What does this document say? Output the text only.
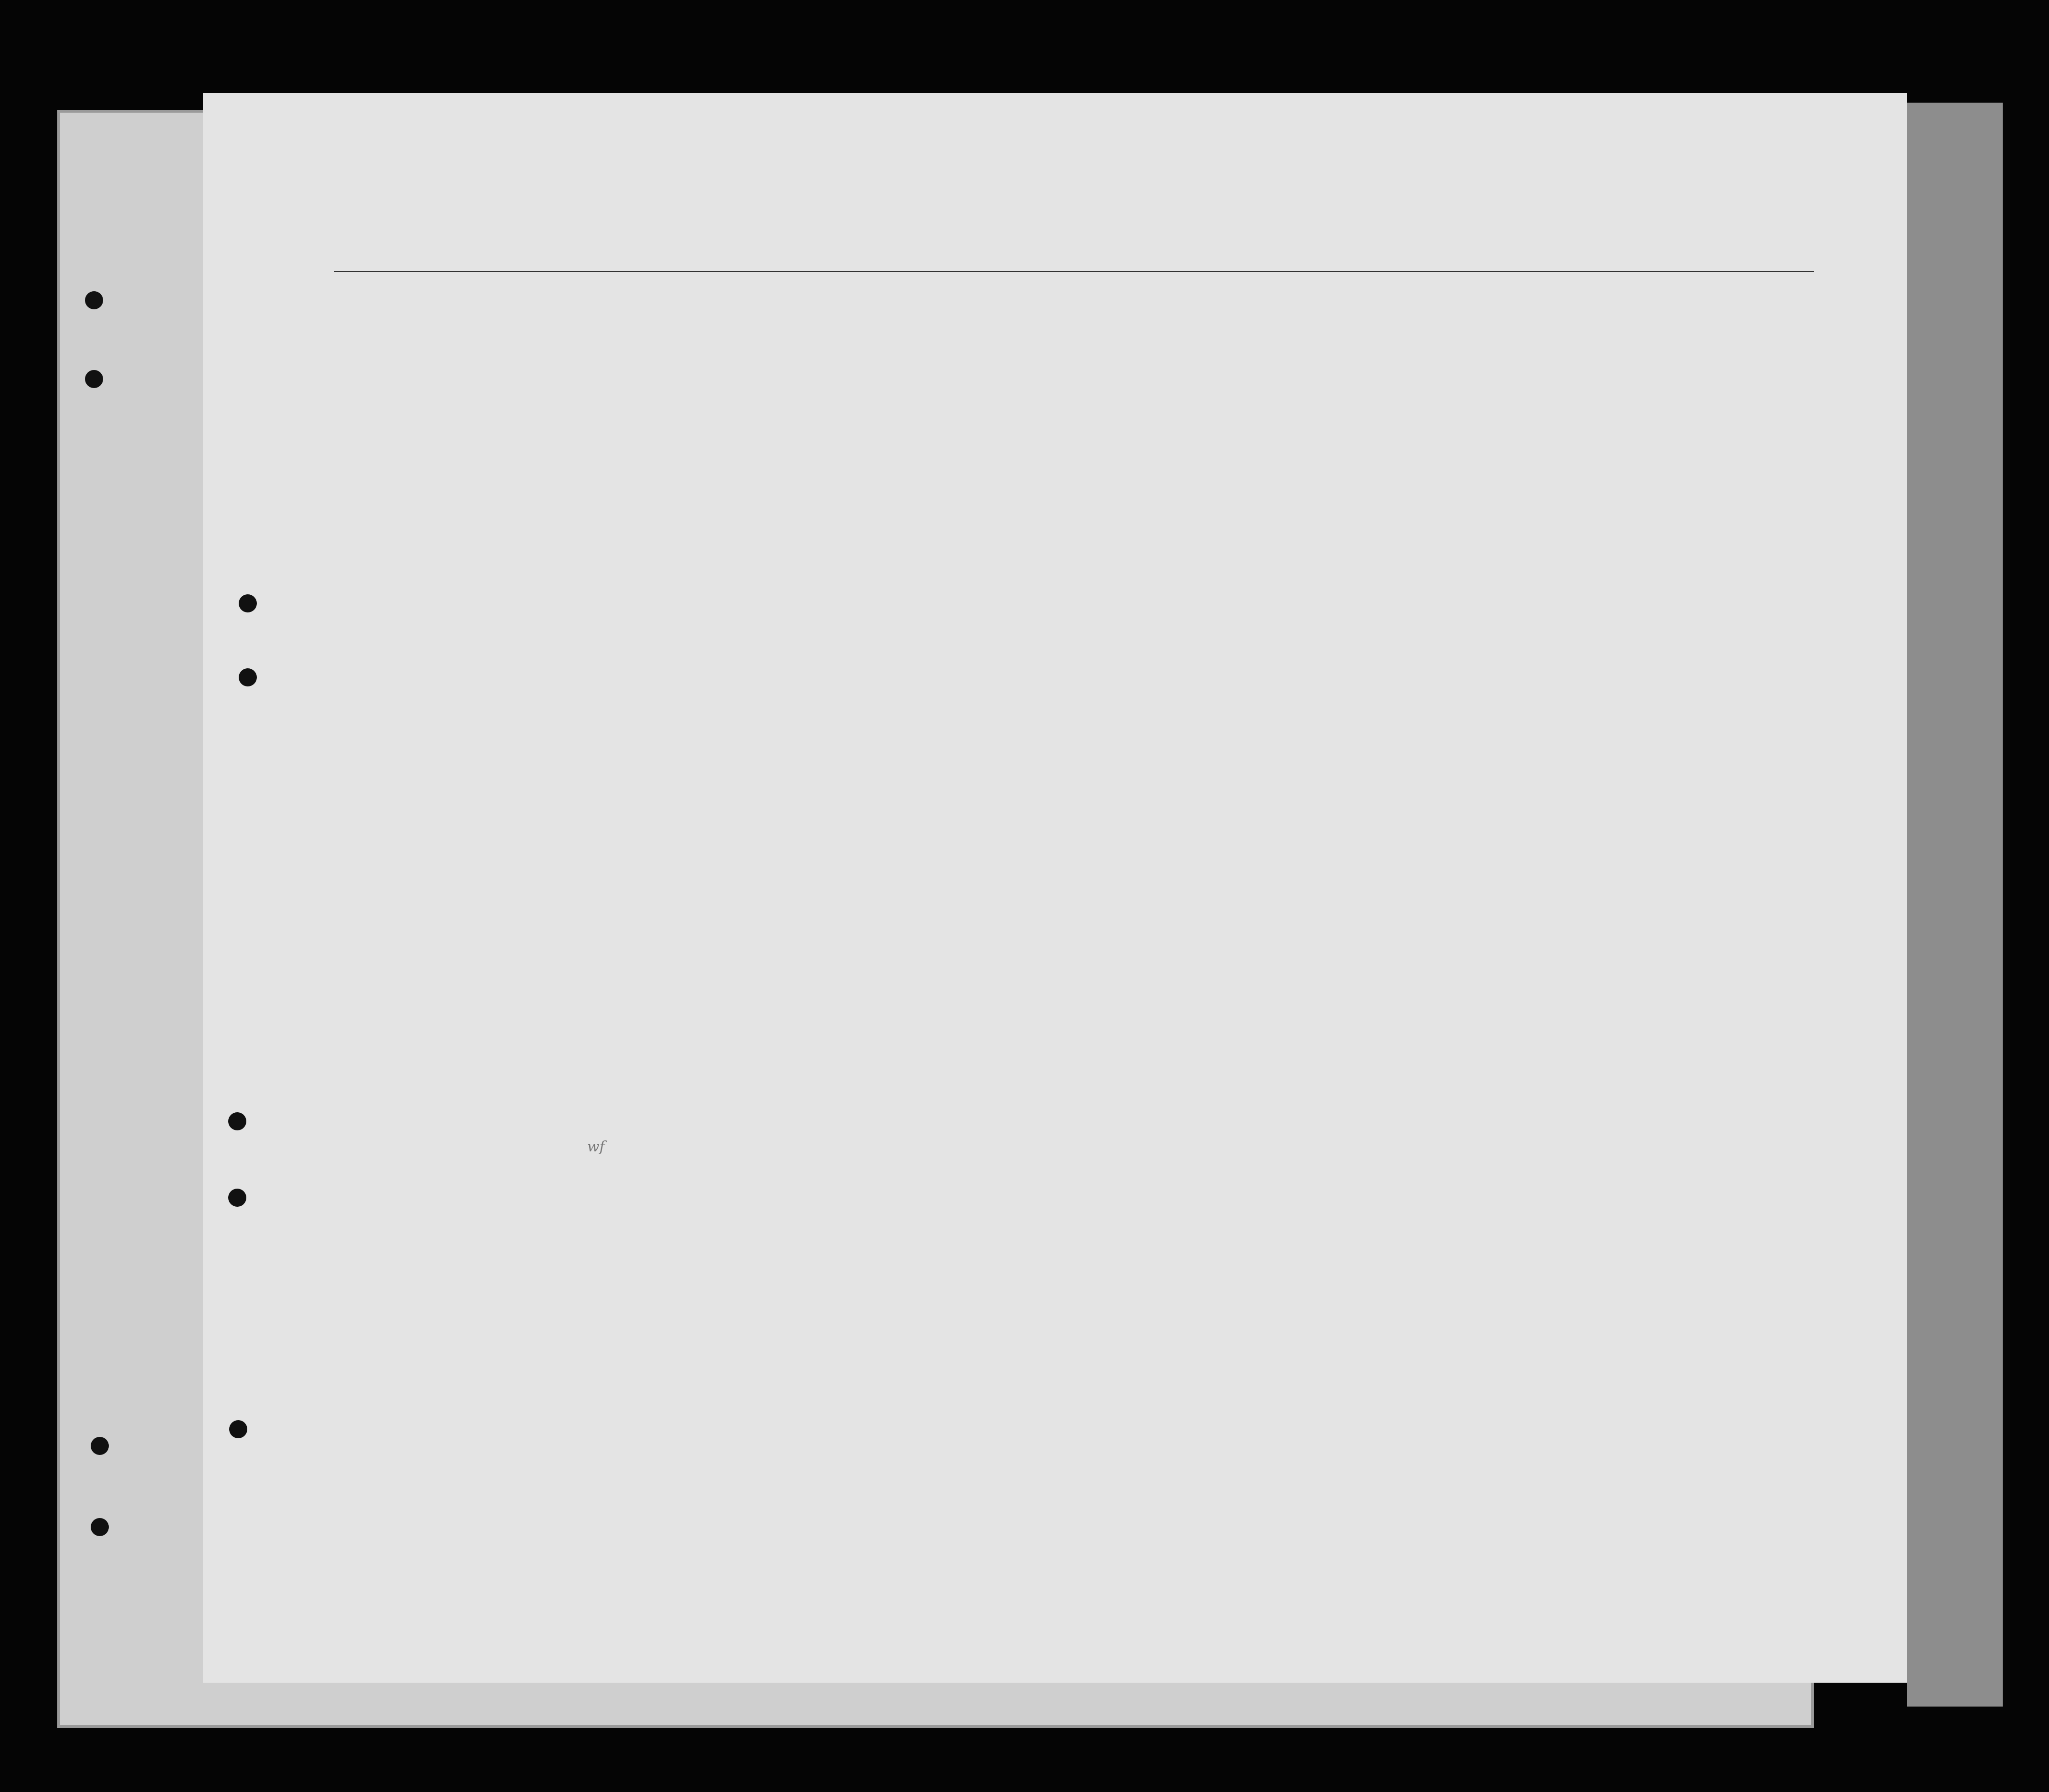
wf
